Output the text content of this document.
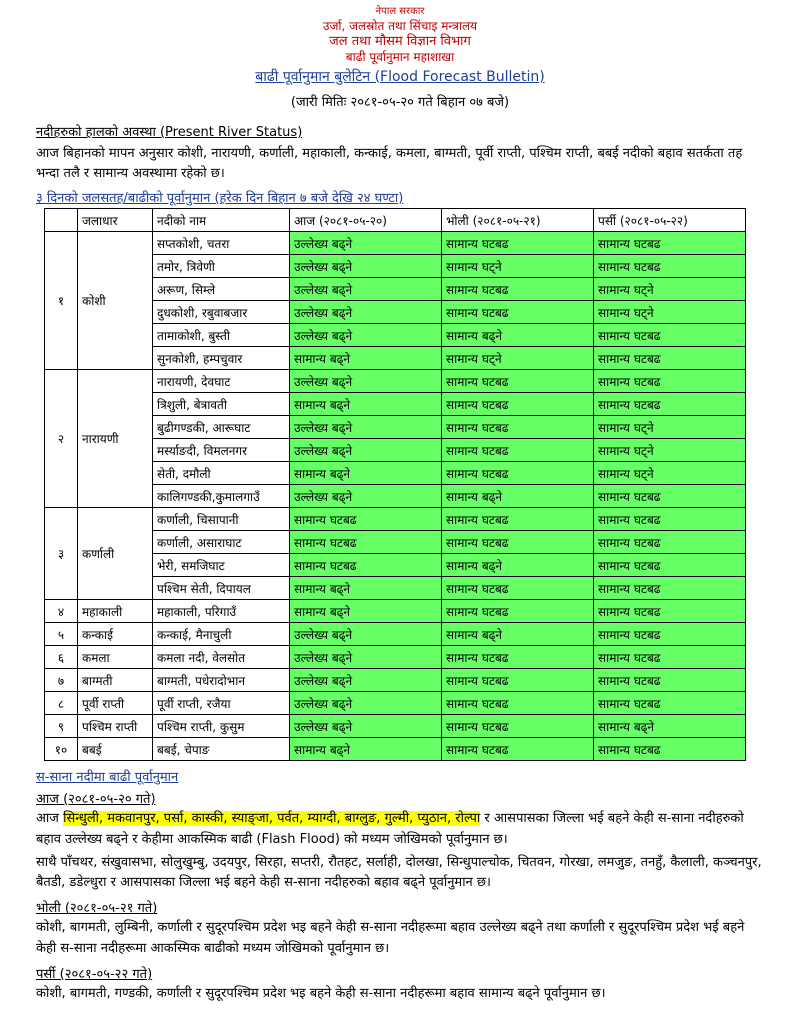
नेपाल सरकार
उर्जा, जलस्रोत तथा सिंचाइ मन्त्रालय
जल तथा मौसम विज्ञान विभाग
बाढी पूर्वानुमान महाशाखा
बाढी पूर्वानुमान बुलेटिन (Flood Forecast Bulletin)
(जारी मितिः २०८१-०५-२० गते बिहान ०७ बजे)
नदीहरुको हालको अवस्था (Present River Status)
आज बिहानको मापन अनुसार कोशी, नारायणी, कर्णाली, महाकाली, कन्काई, कमला, बाग्मती, पूर्वी राप्ती, पश्चिम राप्ती, बबई नदीको बहाव सतर्कता तह भन्दा तलै र सामान्य अवस्थामा रहेको छ।
३ दिनको जलसतह/बाढीको पूर्वानुमान (हरेक दिन बिहान ७ बजे देखि २४ घण्टा)
	जलाधार	नदीको नाम	आज (२०८१-०५-२०)	भोली (२०८१-०५-२१)	पर्सी (२०८१-०५-२२)
१	कोशी	सप्तकोशी, चतरा	उल्लेख्य बढ्ने	सामान्य घटबढ	सामान्य घटबढ
		तमोर, त्रिवेणी	उल्लेख्य बढ्ने	सामान्य घट्ने	सामान्य घटबढ
		अरूण, सिम्ले	उल्लेख्य बढ्ने	सामान्य घटबढ	सामान्य घट्ने
		दुधकोशी, रबुवाबजार	उल्लेख्य बढ्ने	सामान्य घटबढ	सामान्य घट्ने
		तामाकोशी, बुस्ती	उल्लेख्य बढ्ने	सामान्य बढ्ने	सामान्य घटबढ
		सुनकोशी, हम्पचुवार	सामान्य बढ्ने	सामान्य घट्ने	सामान्य घटबढ
२	नारायणी	नारायणी, देवघाट	उल्लेख्य बढ्ने	सामान्य घटबढ	सामान्य घटबढ
		त्रिशुली, बेत्रावती	सामान्य बढ्ने	सामान्य घटबढ	सामान्य घटबढ
		बुढीगण्डकी, आरूघाट	उल्लेख्य बढ्ने	सामान्य घटबढ	सामान्य घट्ने
		मर्स्याङदी, विमलनगर	उल्लेख्य बढ्ने	सामान्य घटबढ	सामान्य घट्ने
		सेती, दमौली	सामान्य बढ्ने	सामान्य घटबढ	सामान्य घट्ने
		कालिगण्डकी,कुमालगाउँ	उल्लेख्य बढ्ने	सामान्य बढ्ने	सामान्य घटबढ
३	कर्णाली	कर्णाली, चिसापानी	सामान्य घटबढ	सामान्य घटबढ	सामान्य घटबढ
		कर्णाली, असाराघाट	सामान्य घटबढ	सामान्य घटबढ	सामान्य घटबढ
		भेरी, समजिघाट	सामान्य घटबढ	सामान्य बढ्ने	सामान्य घटबढ
		पश्चिम सेती, दिपायल	सामान्य बढ्ने	सामान्य घटबढ	सामान्य घटबढ
४	महाकाली	महाकाली, परिगाउँ	सामान्य बढ्ने	सामान्य घटबढ	सामान्य घटबढ
५	कन्काई	कन्काई, मैनाचुली	उल्लेख्य बढ्ने	सामान्य बढ्ने	सामान्य घटबढ
६	कमला	कमला नदी, वेलसोत	उल्लेख्य बढ्ने	सामान्य घटबढ	सामान्य घटबढ
७	बाग्मती	बाग्मती, पधेरादोभान	उल्लेख्य बढ्ने	सामान्य घटबढ	सामान्य घटबढ
८	पूर्वी राप्ती	पूर्वी राप्ती, रजैया	उल्लेख्य बढ्ने	सामान्य घटबढ	सामान्य घटबढ
९	पश्चिम राप्ती	पश्चिम राप्ती, कुसुम	उल्लेख्य बढ्ने	सामान्य घटबढ	सामान्य बढ्ने
१०	बबई	बबई, चेपाङ	सामान्य बढ्ने	सामान्य घटबढ	सामान्य घटबढ
स-साना नदीमा बाढी पूर्वानुमान
आज (२०८१-०५-२० गते)
आज सिन्धुली, मकवानपुर, पर्सा, कास्की, स्याङ्जा, पर्वत, म्याग्दी, बाग्लुङ, गुल्मी, प्युठान, रोल्पा र आसपासका जिल्ला भई बहने केही स-साना नदीहरुको बहाव उल्लेख्य बढ्ने र केहीमा आकस्मिक बाढी (Flash Flood) को मध्यम जोखिमको पूर्वानुमान छ।
साथै पाँचथर, संखुवासभा, सोलुखुम्बु, उदयपुर, सिरहा, सप्तरी, रौतहट, सर्लाही, दोलखा, सिन्धुपाल्चोक, चितवन, गोरखा, लमजुङ, तनहुँ, कैलाली, कञ्चनपुर, बैतडी, डडेल्धुरा र आसपासका जिल्ला भई बहने केही स-साना नदीहरुको बहाव बढ्ने पूर्वानुमान छ।
भोली (२०८१-०५-२१ गते)
कोशी, बागमती, लुम्बिनी, कर्णाली र सुदूरपश्चिम प्रदेश भइ बहने केही स-साना नदीहरूमा बहाव उल्लेख्य बढ्ने तथा कर्णाली र सुदूरपश्चिम प्रदेश भई बहने केही स-साना नदीहरूमा आकस्मिक बाढीको मध्यम जोखिमको पूर्वानुमान छ।
पर्सी (२०८१-०५-२२ गते)
कोशी, बागमती, गण्डकी, कर्णाली र सुदूरपश्चिम प्रदेश भइ बहने केही स-साना नदीहरूमा बहाव सामान्य बढ्ने पूर्वानुमान छ।
